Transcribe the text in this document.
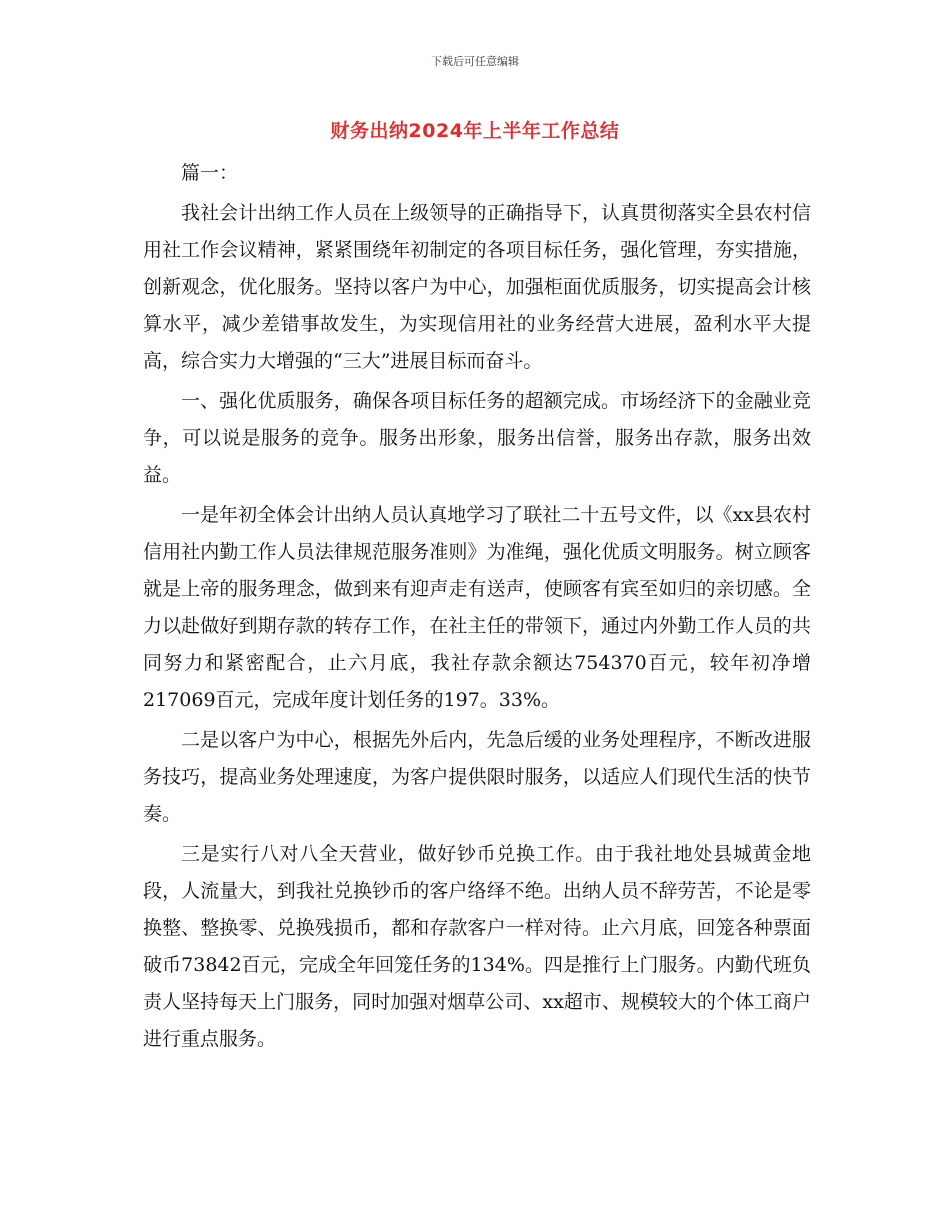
下载后可任意编辑
财务出纳2024年上半年工作总结

篇一：

我社会计出纳工作人员在上级领导的正确指导下，认真贯彻落实全县农村信用社工作会议精神，紧紧围绕年初制定的各项目标任务，强化管理，夯实措施，创新观念，优化服务。坚持以客户为中心，加强柜面优质服务，切实提高会计核算水平，减少差错事故发生，为实现信用社的业务经营大进展，盈利水平大提高，综合实力大增强的“三大”进展目标而奋斗。

一、强化优质服务，确保各项目标任务的超额完成。市场经济下的金融业竞争，可以说是服务的竞争。服务出形象，服务出信誉，服务出存款，服务出效益。

一是年初全体会计出纳人员认真地学习了联社二十五号文件，以《xx县农村信用社内勤工作人员法律规范服务准则》为准绳，强化优质文明服务。树立顾客就是上帝的服务理念，做到来有迎声走有送声，使顾客有宾至如归的亲切感。全力以赴做好到期存款的转存工作，在社主任的带领下，通过内外勤工作人员的共同努力和紧密配合，止六月底，我社存款余额达754370百元，较年初净增217069百元，完成年度计划任务的197。33%。

二是以客户为中心，根据先外后内，先急后缓的业务处理程序，不断改进服务技巧，提高业务处理速度，为客户提供限时服务，以适应人们现代生活的快节奏。

三是实行八对八全天营业，做好钞币兑换工作。由于我社地处县城黄金地段，人流量大，到我社兑换钞币的客户络绎不绝。出纳人员不辞劳苦，不论是零换整、整换零、兑换残损币，都和存款客户一样对待。止六月底，回笼各种票面破币73842百元，完成全年回笼任务的134%。四是推行上门服务。内勤代班负责人坚持每天上门服务，同时加强对烟草公司、xx超市、规模较大的个体工商户进行重点服务。
